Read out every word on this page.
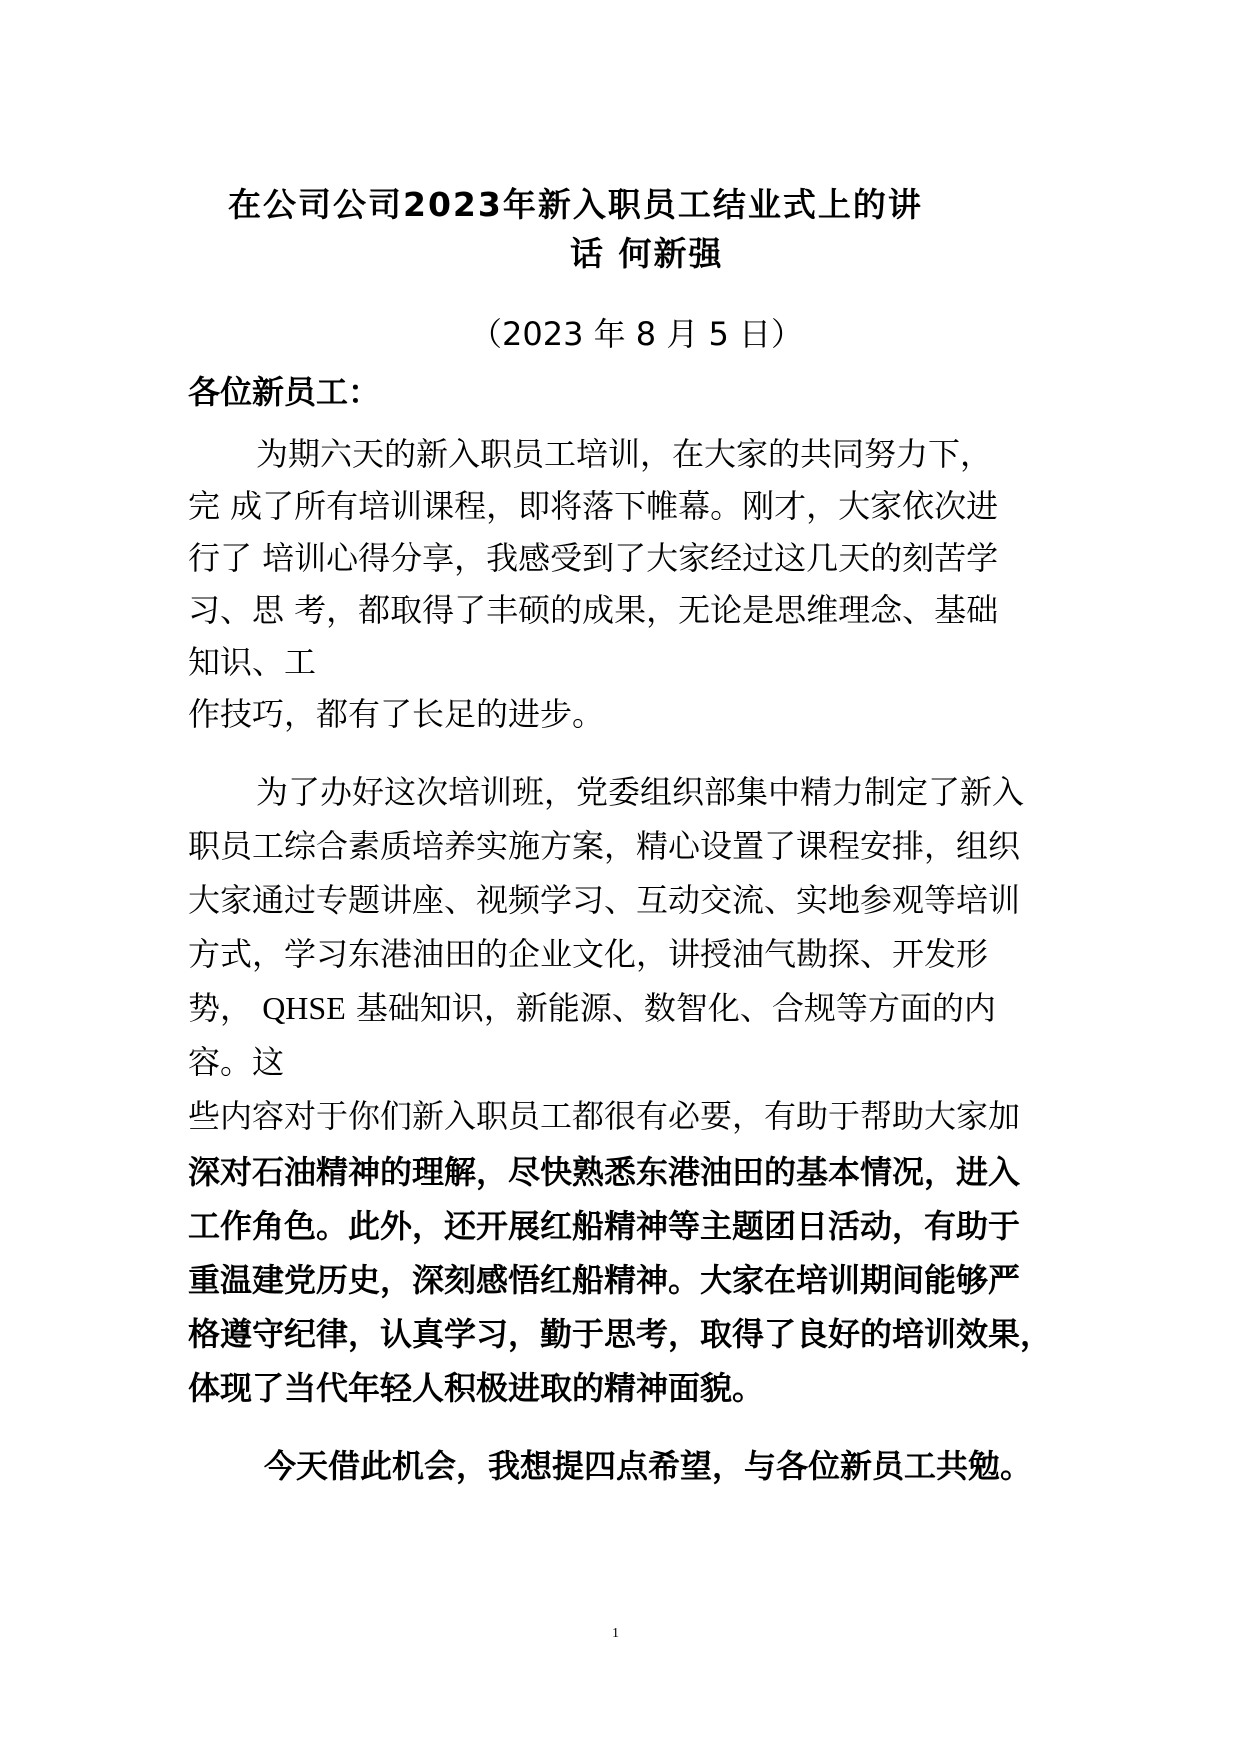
在公司公司2023年新入职员工结业式上的讲
话 何新强
（2023 年 8 月 5 日）
各位新员工：
为期六天的新入职员工培训，在大家的共同努力下，
完 成了所有培训课程，即将落下帷幕。刚才，大家依次进
行了 培训心得分享，我感受到了大家经过这几天的刻苦学
习、思 考，都取得了丰硕的成果，无论是思维理念、基础
知识、工
作技巧，都有了长足的进步。
为了办好这次培训班，党委组织部集中精力制定了新入
职员工综合素质培养实施方案，精心设置了课程安排，组织
大家通过专题讲座、视频学习、互动交流、实地参观等培训
方式，学习东港油田的企业文化，讲授油气勘探、开发形
势， QHSE 基础知识，新能源、数智化、合规等方面的内
容。这
些内容对于你们新入职员工都很有必要，有助于帮助大家加
深对石油精神的理解，尽快熟悉东港油田的基本情况，进入
工作角色。此外，还开展红船精神等主题团日活动，有助于
重温建党历史，深刻感悟红船精神。大家在培训期间能够严
格遵守纪律，认真学习，勤于思考，取得了良好的培训效果，
体现了当代年轻人积极进取的精神面貌。
今天借此机会，我想提四点希望，与各位新员工共勉。
1
